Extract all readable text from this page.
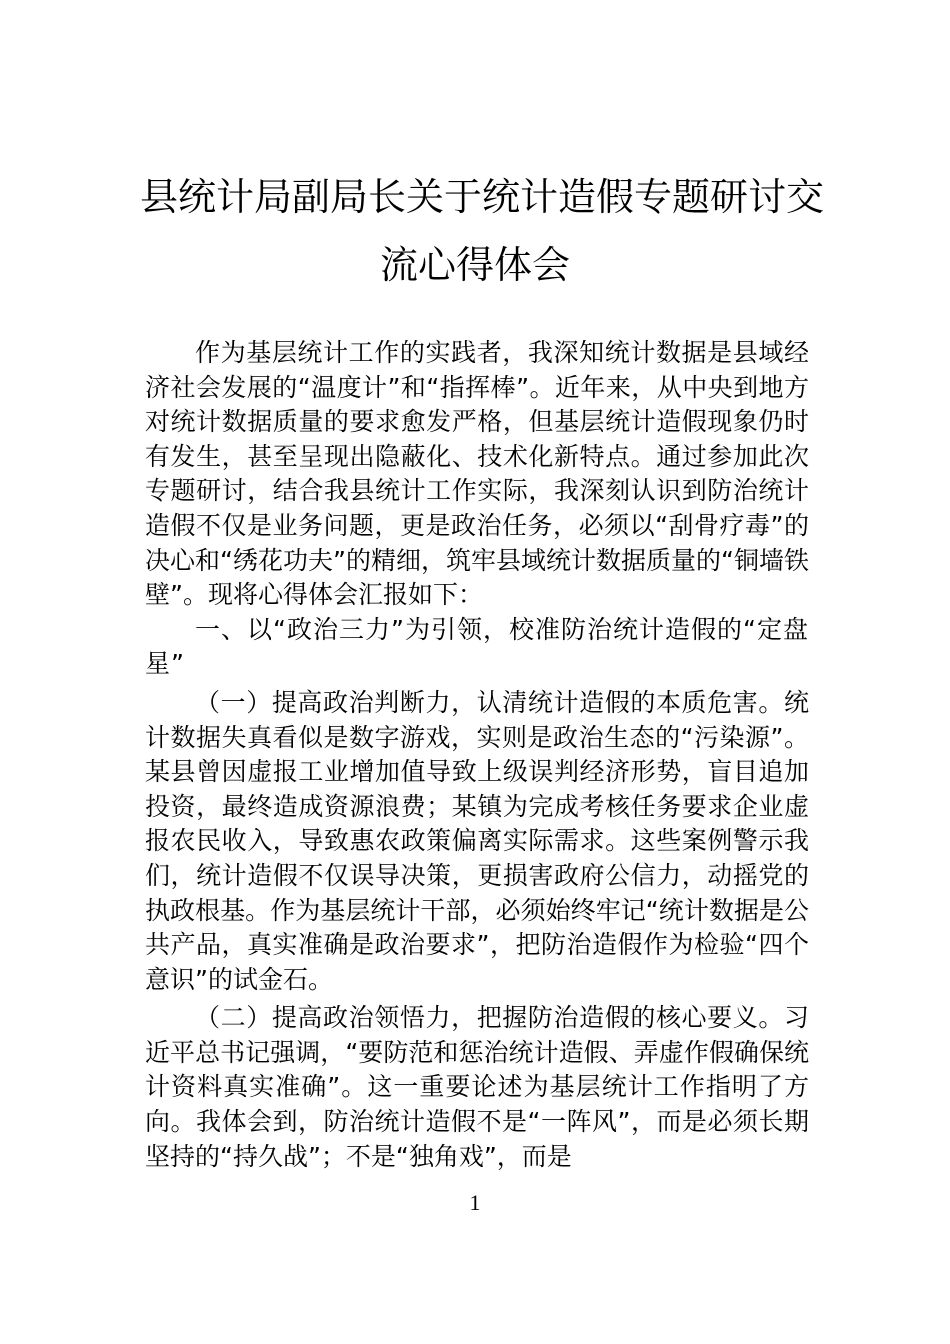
县统计局副局长关于统计造假专题研讨交
流心得体会

作为基层统计工作的实践者，我深知统计数据是县域经济社会发展的“温度计”和“指挥棒”。近年来，从中央到地方对统计数据质量的要求愈发严格，但基层统计造假现象仍时有发生，甚至呈现出隐蔽化、技术化新特点。通过参加此次专题研讨，结合我县统计工作实际，我深刻认识到防治统计造假不仅是业务问题，更是政治任务，必须以“刮骨疗毒”的决心和“绣花功夫”的精细，筑牢县域统计数据质量的“铜墙铁壁”。现将心得体会汇报如下：

一、以“政治三力”为引领，校准防治统计造假的“定盘星”

（一）提高政治判断力，认清统计造假的本质危害。统计数据失真看似是数字游戏，实则是政治生态的“污染源”。某县曾因虚报工业增加值导致上级误判经济形势，盲目追加投资，最终造成资源浪费；某镇为完成考核任务要求企业虚报农民收入，导致惠农政策偏离实际需求。这些案例警示我们，统计造假不仅误导决策，更损害政府公信力，动摇党的执政根基。作为基层统计干部，必须始终牢记“统计数据是公共产品，真实准确是政治要求”，把防治造假作为检验“四个意识”的试金石。

（二）提高政治领悟力，把握防治造假的核心要义。习近平总书记强调，“要防范和惩治统计造假、弄虚作假确保统计资料真实准确”。这一重要论述为基层统计工作指明了方向。我体会到，防治统计造假不是“一阵风”，而是必须长期坚持的“持久战”；不是“独角戏”，而是

1
